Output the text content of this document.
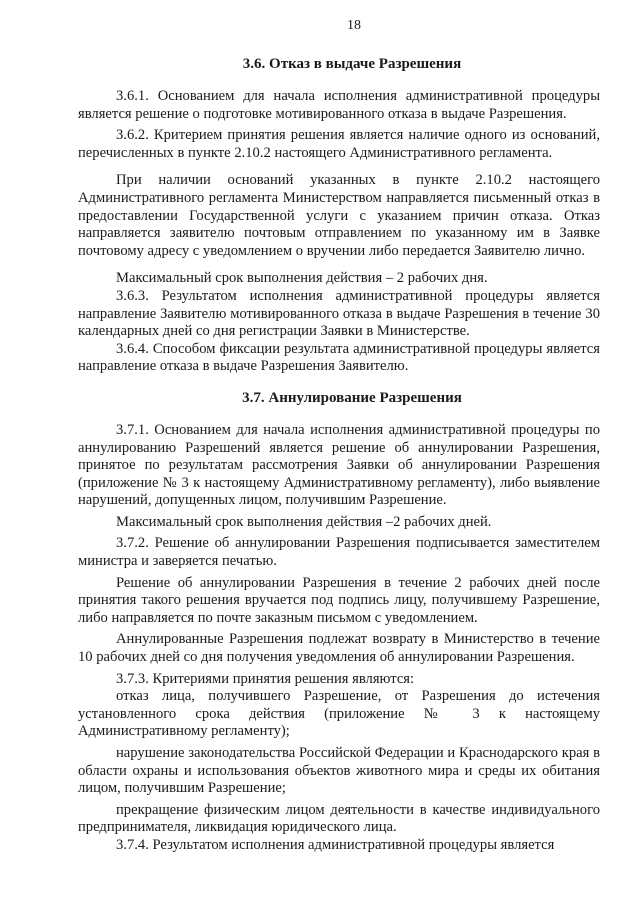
18
3.6. Отказ в выдаче Разрешения

3.6.1. Основанием для начала исполнения административной процедуры является решение о подготовке мотивированного отказа в выдаче Разрешения.

3.6.2. Критерием принятия решения является наличие одного из оснований, перечисленных в пункте 2.10.2 настоящего Административного регламента.

При наличии оснований указанных в пункте 2.10.2 настоящего Административного регламента Министерством направляется письменный отказ в предоставлении Государственной услуги с указанием причин отказа. Отказ направляется заявителю почтовым отправлением по указанному им в Заявке почтовому адресу с уведомлением о вручении либо передается Заявителю лично.

Максимальный срок выполнения действия – 2 рабочих дня.

3.6.3. Результатом исполнения административной процедуры является направление Заявителю мотивированного отказа в выдаче Разрешения в течение 30 календарных дней со дня регистрации Заявки в Министерстве.

3.6.4. Способом фиксации результата административной процедуры является направление отказа в выдаче Разрешения Заявителю.

3.7. Аннулирование Разрешения

3.7.1. Основанием для начала исполнения административной процедуры по аннулированию Разрешений является решение об аннулировании Разрешения, принятое по результатам рассмотрения Заявки об аннулировании Разрешения (приложение № 3 к настоящему Административному регламенту), либо выявление нарушений, допущенных лицом, получившим Разрешение.

Максимальный срок выполнения действия –2 рабочих дней.

3.7.2. Решение об аннулировании Разрешения подписывается заместителем министра и заверяется печатью.

Решение об аннулировании Разрешения в течение 2 рабочих дней после принятия такого решения вручается под подпись лицу, получившему Разрешение, либо направляется по почте заказным письмом с уведомлением.

Аннулированные Разрешения подлежат возврату в Министерство в течение 10 рабочих дней со дня получения уведомления об аннулировании Разрешения.

3.7.3. Критериями принятия решения являются:

отказ лица, получившего Разрешение, от Разрешения до истечения установленного срока действия (приложение № 3 к настоящему Административному регламенту);

нарушение законодательства Российской Федерации и Краснодарского края в области охраны и использования объектов животного мира и среды их обитания лицом, получившим Разрешение;

прекращение физическим лицом деятельности в качестве индивидуального предпринимателя, ликвидация юридического лица.

3.7.4. Результатом исполнения административной процедуры является
